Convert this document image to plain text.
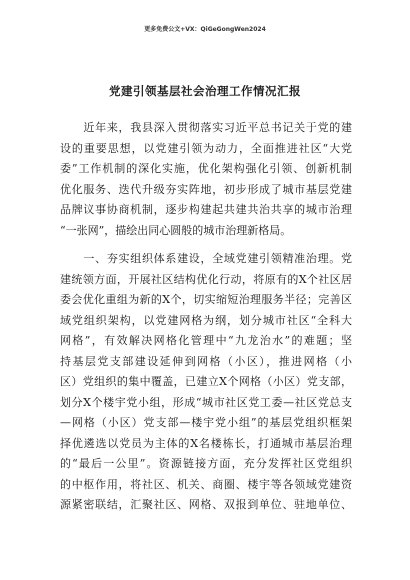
更多免费公文+VX：QiGeGongWen2024
党建引领基层社会治理工作情况汇报
　　近年来，我县深入贯彻落实习近平总书记关于党的建
设的重要思想，以党建引领为动力，全面推进社区“大党
委”工作机制的深化实施，优化架构强化引领、创新机制
优化服务、迭代升级夯实阵地，初步形成了城市基层党建
品牌议事协商机制，逐步构建起共建共治共享的城市治理
“一张网”，描绘出同心圆般的城市治理新格局。
　　一、夯实组织体系建设，全域党建引领精准治理。党
建统领方面，开展社区结构优化行动，将原有的X个社区居
委会优化重组为新的X个，切实缩短治理服务半径；完善区
域党组织架构，以党建网格为纲，划分城市社区“全科大
网格”，有效解决网格化管理中“九龙治水”的难题；坚
持基层党支部建设延伸到网格（小区），推进网格（小
区）党组织的集中覆盖，已建立X个网格（小区）党支部，
划分X个楼宇党小组，形成“城市社区党工委—社区党总支
—网格（小区）党支部—楼宇党小组”的基层党组织框架
择优遴选以党员为主体的X名楼栋长，打通城市基层治理
的“最后一公里”。资源链接方面，充分发挥社区党组织
的中枢作用，将社区、机关、商圈、楼宇等各领域党建资
源紧密联结，汇聚社区、网格、双报到单位、驻地单位、
